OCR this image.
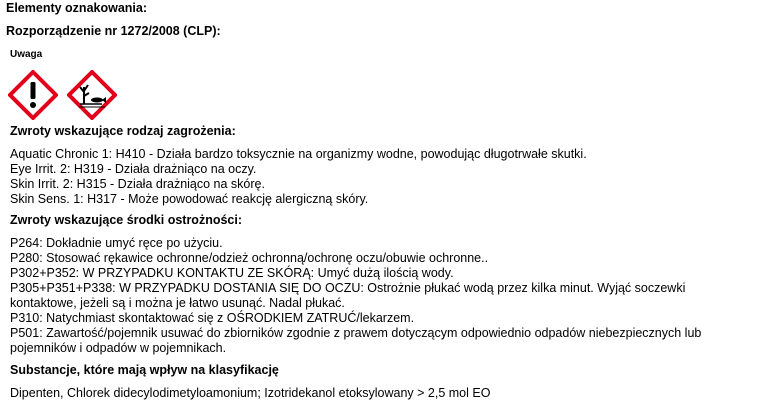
Elementy oznakowania:
Rozporządzenie nr 1272/2008 (CLP):
Uwaga
Zwroty wskazujące rodzaj zagrożenia:
Aquatic Chronic 1: H410 - Działa bardzo toksycznie na organizmy wodne, powodując długotrwałe skutki.
Eye Irrit. 2: H319 - Działa drażniąco na oczy.
Skin Irrit. 2: H315 - Działa drażniąco na skórę.
Skin Sens. 1: H317 - Może powodować reakcję alergiczną skóry.
Zwroty wskazujące środki ostrożności:
P264: Dokładnie umyć ręce po użyciu.
P280: Stosować rękawice ochronne/odzież ochronną/ochronę oczu/obuwie ochronne..
P302+P352: W PRZYPADKU KONTAKTU ZE SKÓRĄ: Umyć dużą ilością wody.
P305+P351+P338: W PRZYPADKU DOSTANIA SIĘ DO OCZU: Ostrożnie płukać wodą przez kilka minut. Wyjąć soczewki
kontaktowe, jeżeli są i można je łatwo usunąć. Nadal płukać.
P310: Natychmiast skontaktować się z OŚRODKIEM ZATRUĆ/lekarzem.
P501: Zawartość/pojemnik usuwać do zbiorników zgodnie z prawem dotyczącym odpowiednio odpadów niebezpiecznych lub
pojemników i odpadów w pojemnikach.
Substancje, które mają wpływ na klasyfikację
Dipenten, Chlorek didecylodimetyloamonium; Izotridekanol etoksylowany > 2,5 mol EO
